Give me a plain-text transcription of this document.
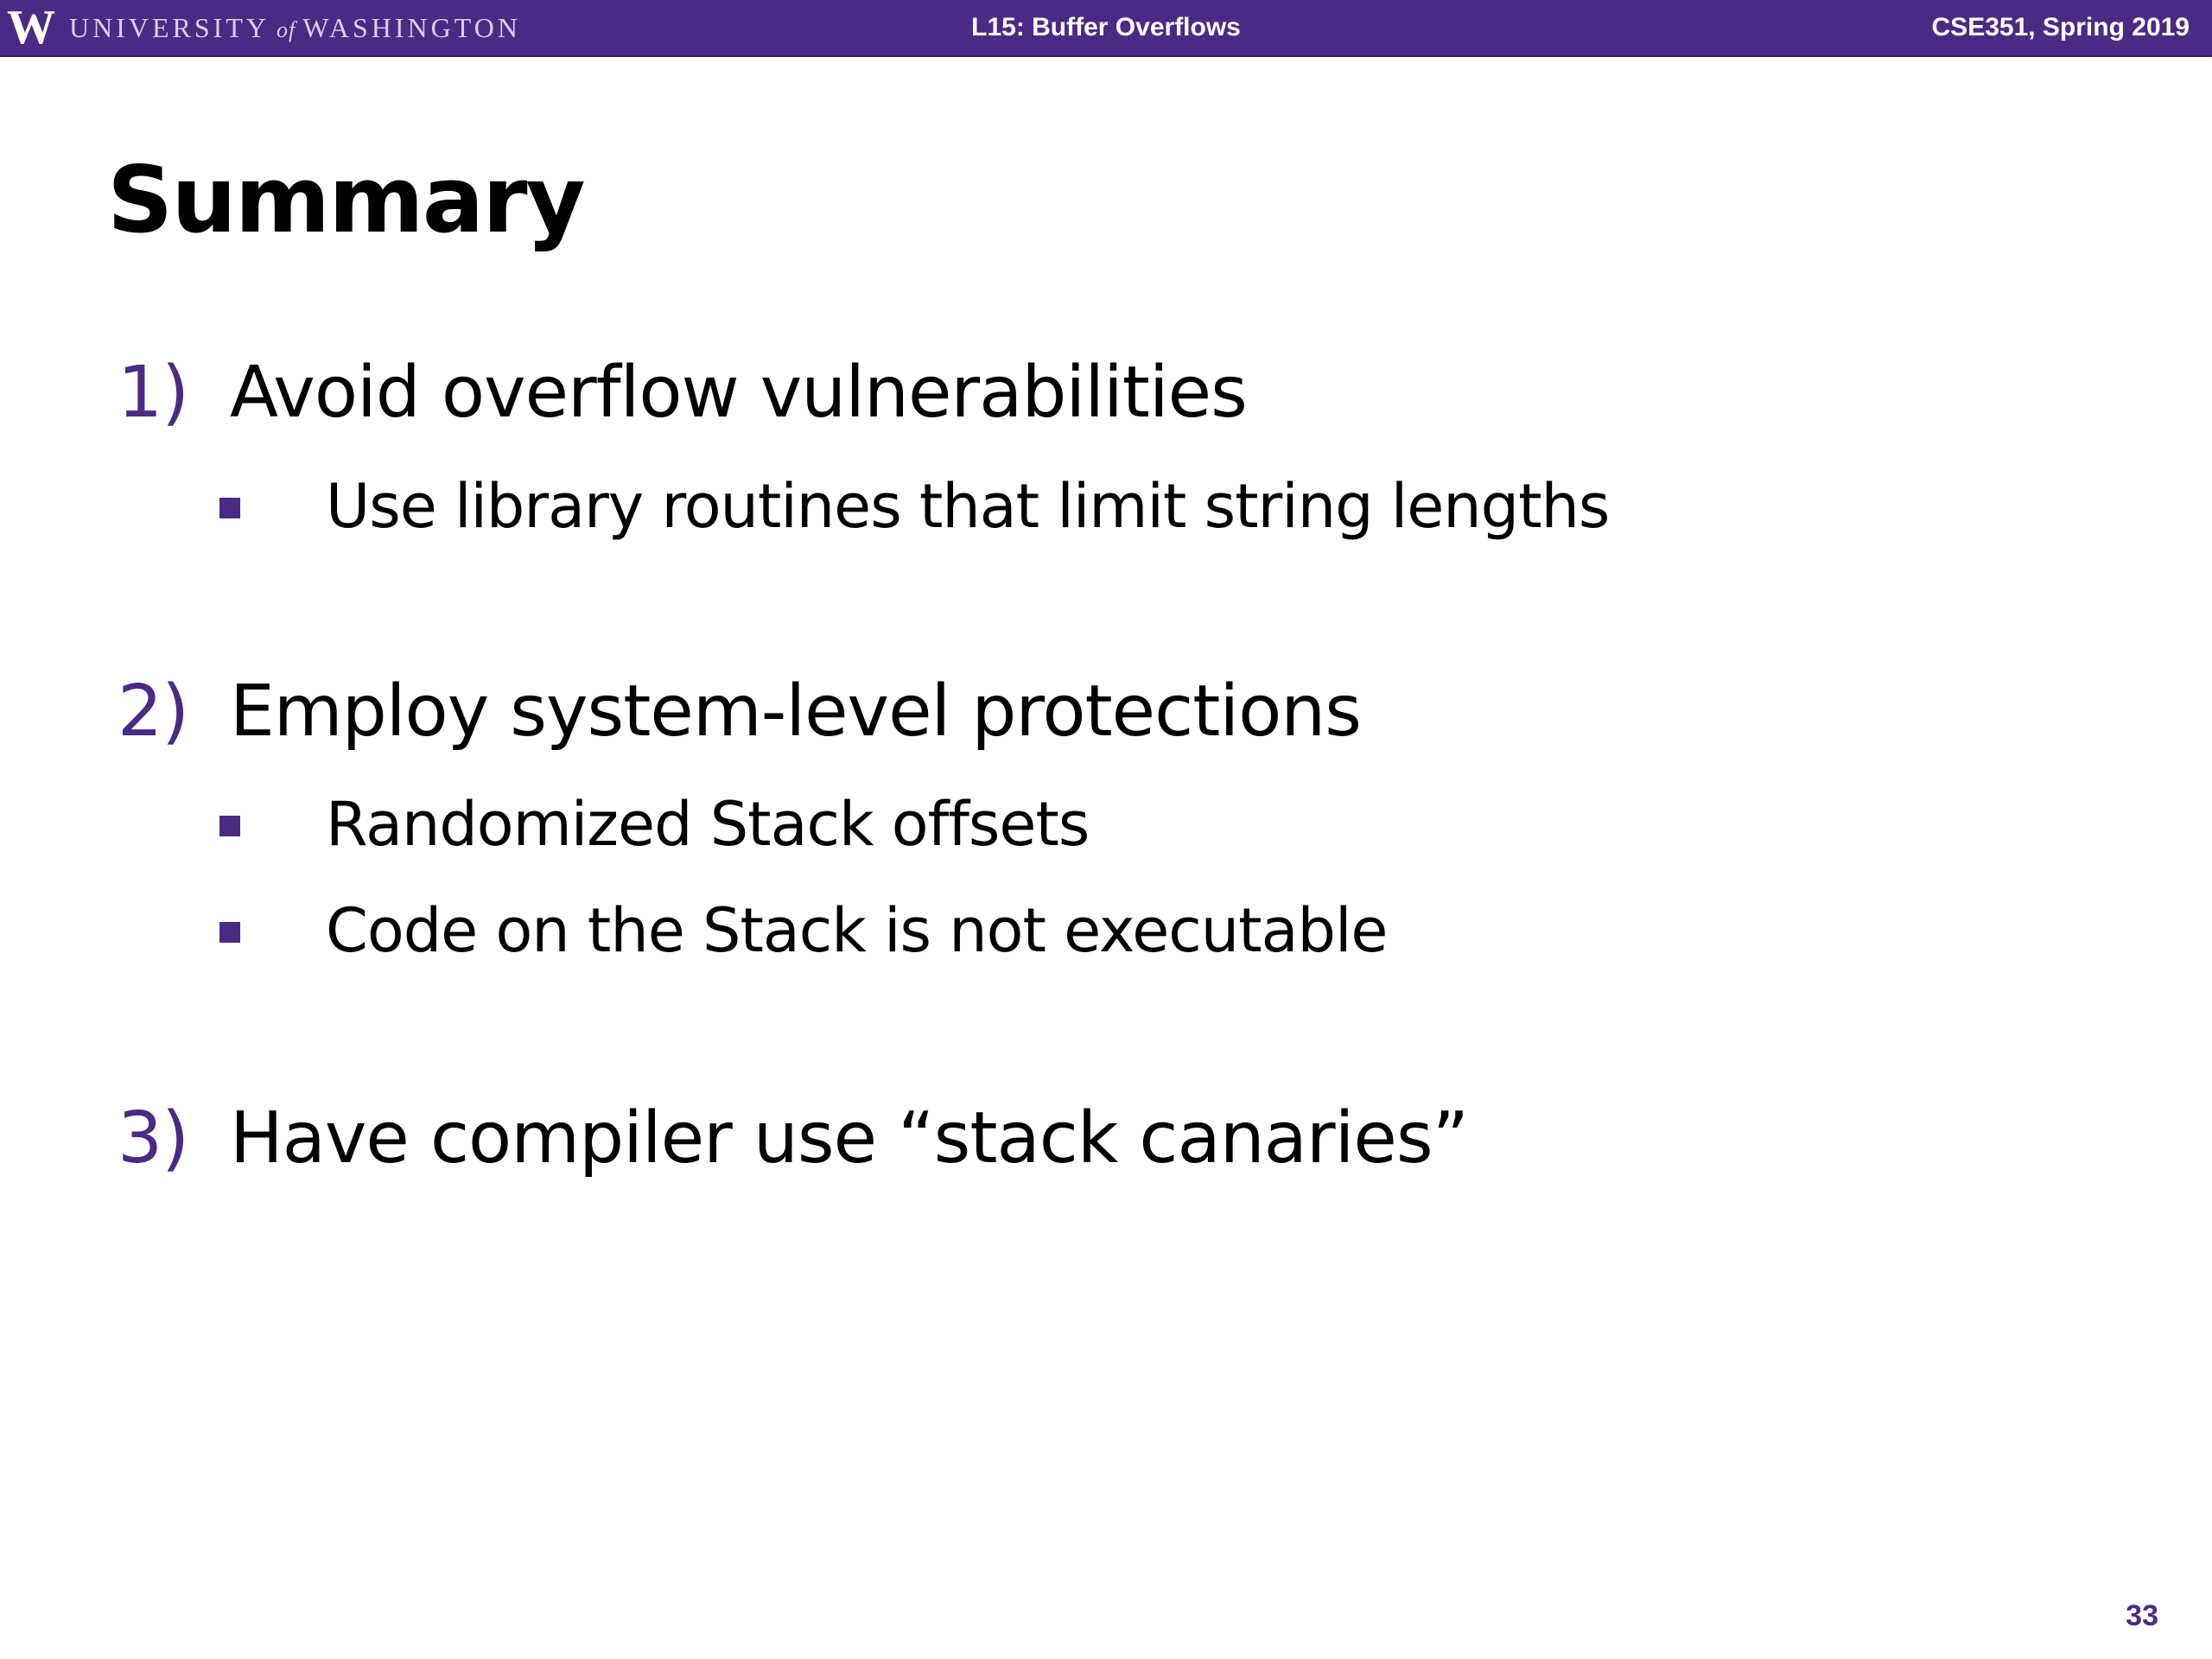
W UNIVERSITY of WASHINGTON	L15: Buffer Overflows	CSE351, Spring 2019
Summary
1) Avoid overflow vulnerabilities
Use library routines that limit string lengths
2) Employ system-level protections
Randomized Stack offsets
Code on the Stack is not executable
3) Have compiler use “stack canaries”
33
